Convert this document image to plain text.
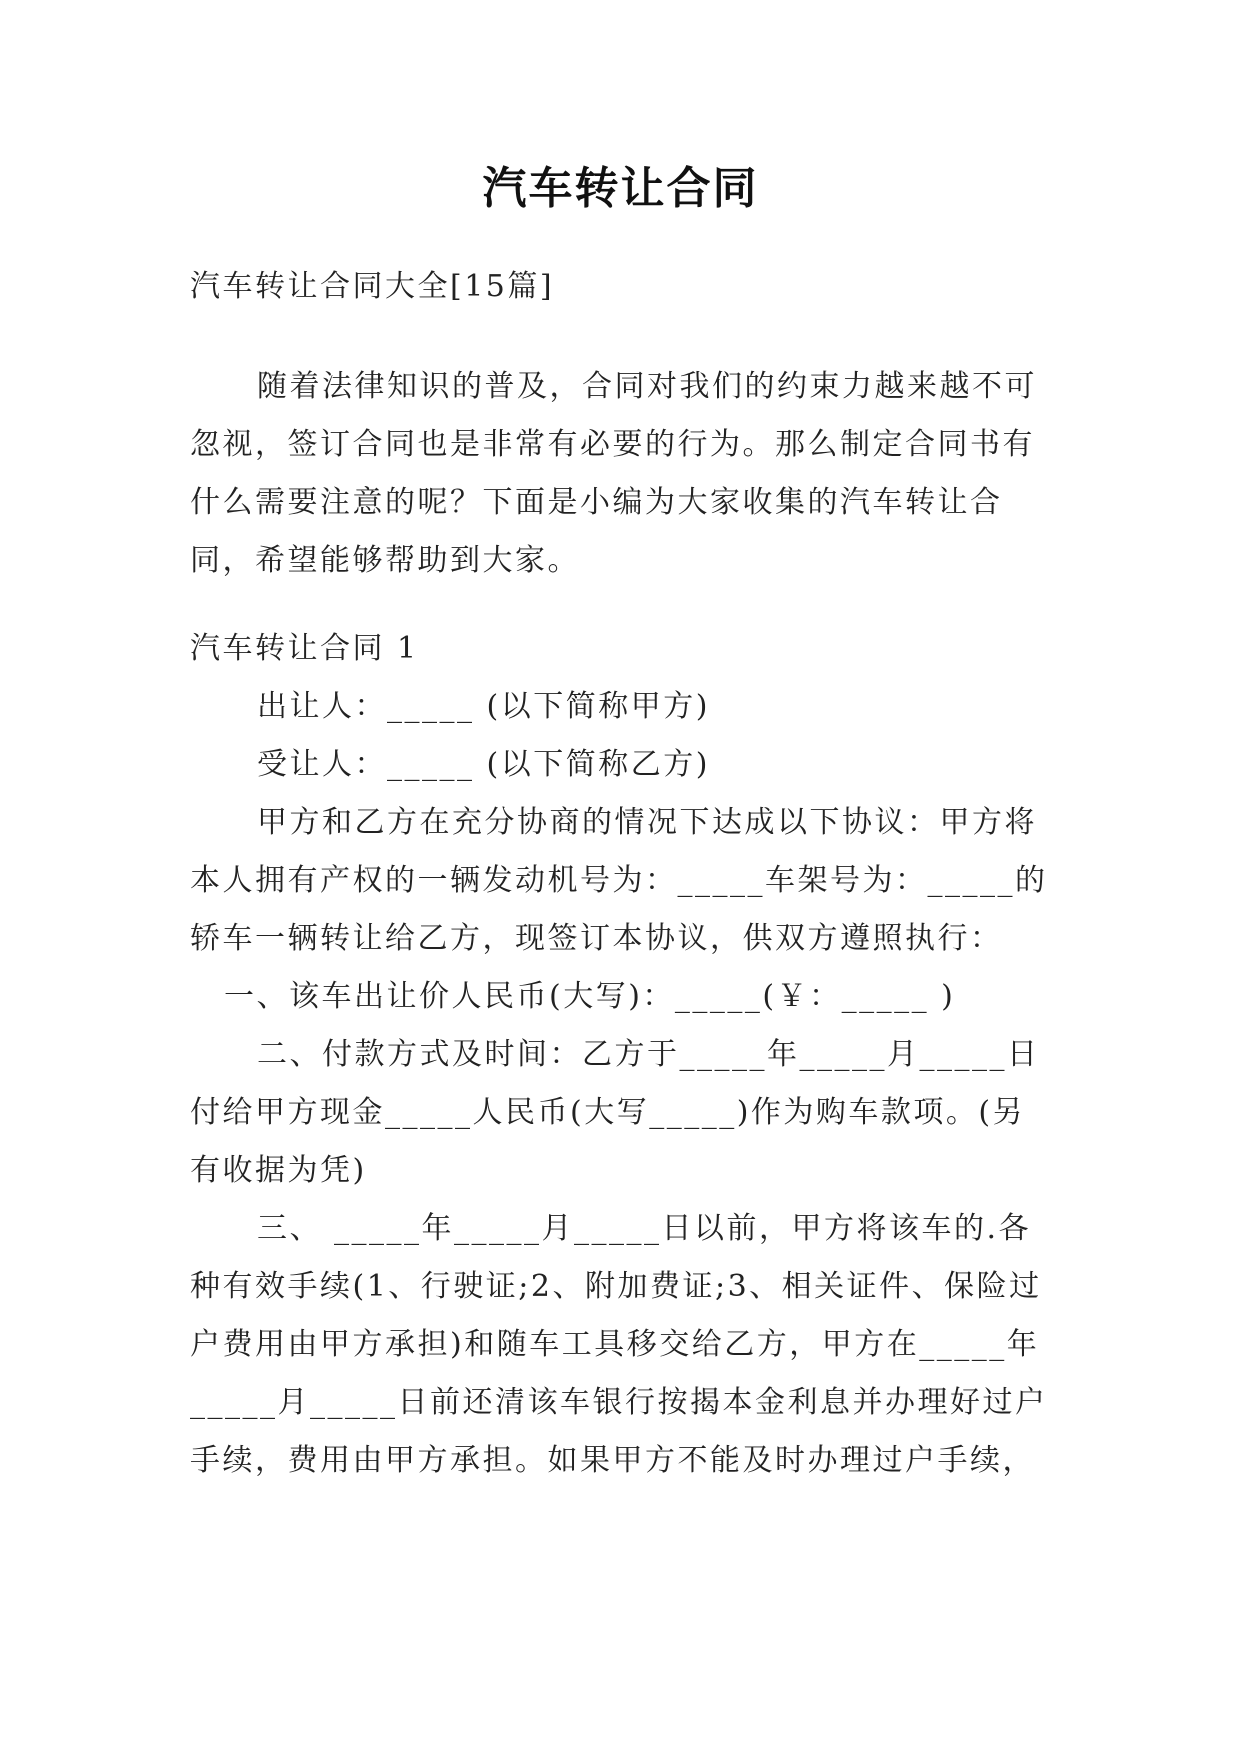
汽车转让合同
汽车转让合同大全[15篇]
随着法律知识的普及，合同对我们的约束力越来越不可
忽视，签订合同也是非常有必要的行为。那么制定合同书有
什么需要注意的呢？下面是小编为大家收集的汽车转让合
同，希望能够帮助到大家。
汽车转让合同 1
出让人：_____ (以下简称甲方)
受让人：_____ (以下简称乙方)
甲方和乙方在充分协商的情况下达成以下协议：甲方将
本人拥有产权的一辆发动机号为：_____车架号为：_____的
轿车一辆转让给乙方，现签订本协议，供双方遵照执行：
一、该车出让价人民币(大写)：_____(￥：_____ )
二、付款方式及时间：乙方于_____年_____月_____日
付给甲方现金_____人民币(大写_____)作为购车款项。(另
有收据为凭)
三、 _____年_____月_____日以前，甲方将该车的.各
种有效手续(1、行驶证;2、附加费证;3、相关证件、保险过
户费用由甲方承担)和随车工具移交给乙方，甲方在_____年
_____月_____日前还清该车银行按揭本金利息并办理好过户
手续，费用由甲方承担。如果甲方不能及时办理过户手续，
